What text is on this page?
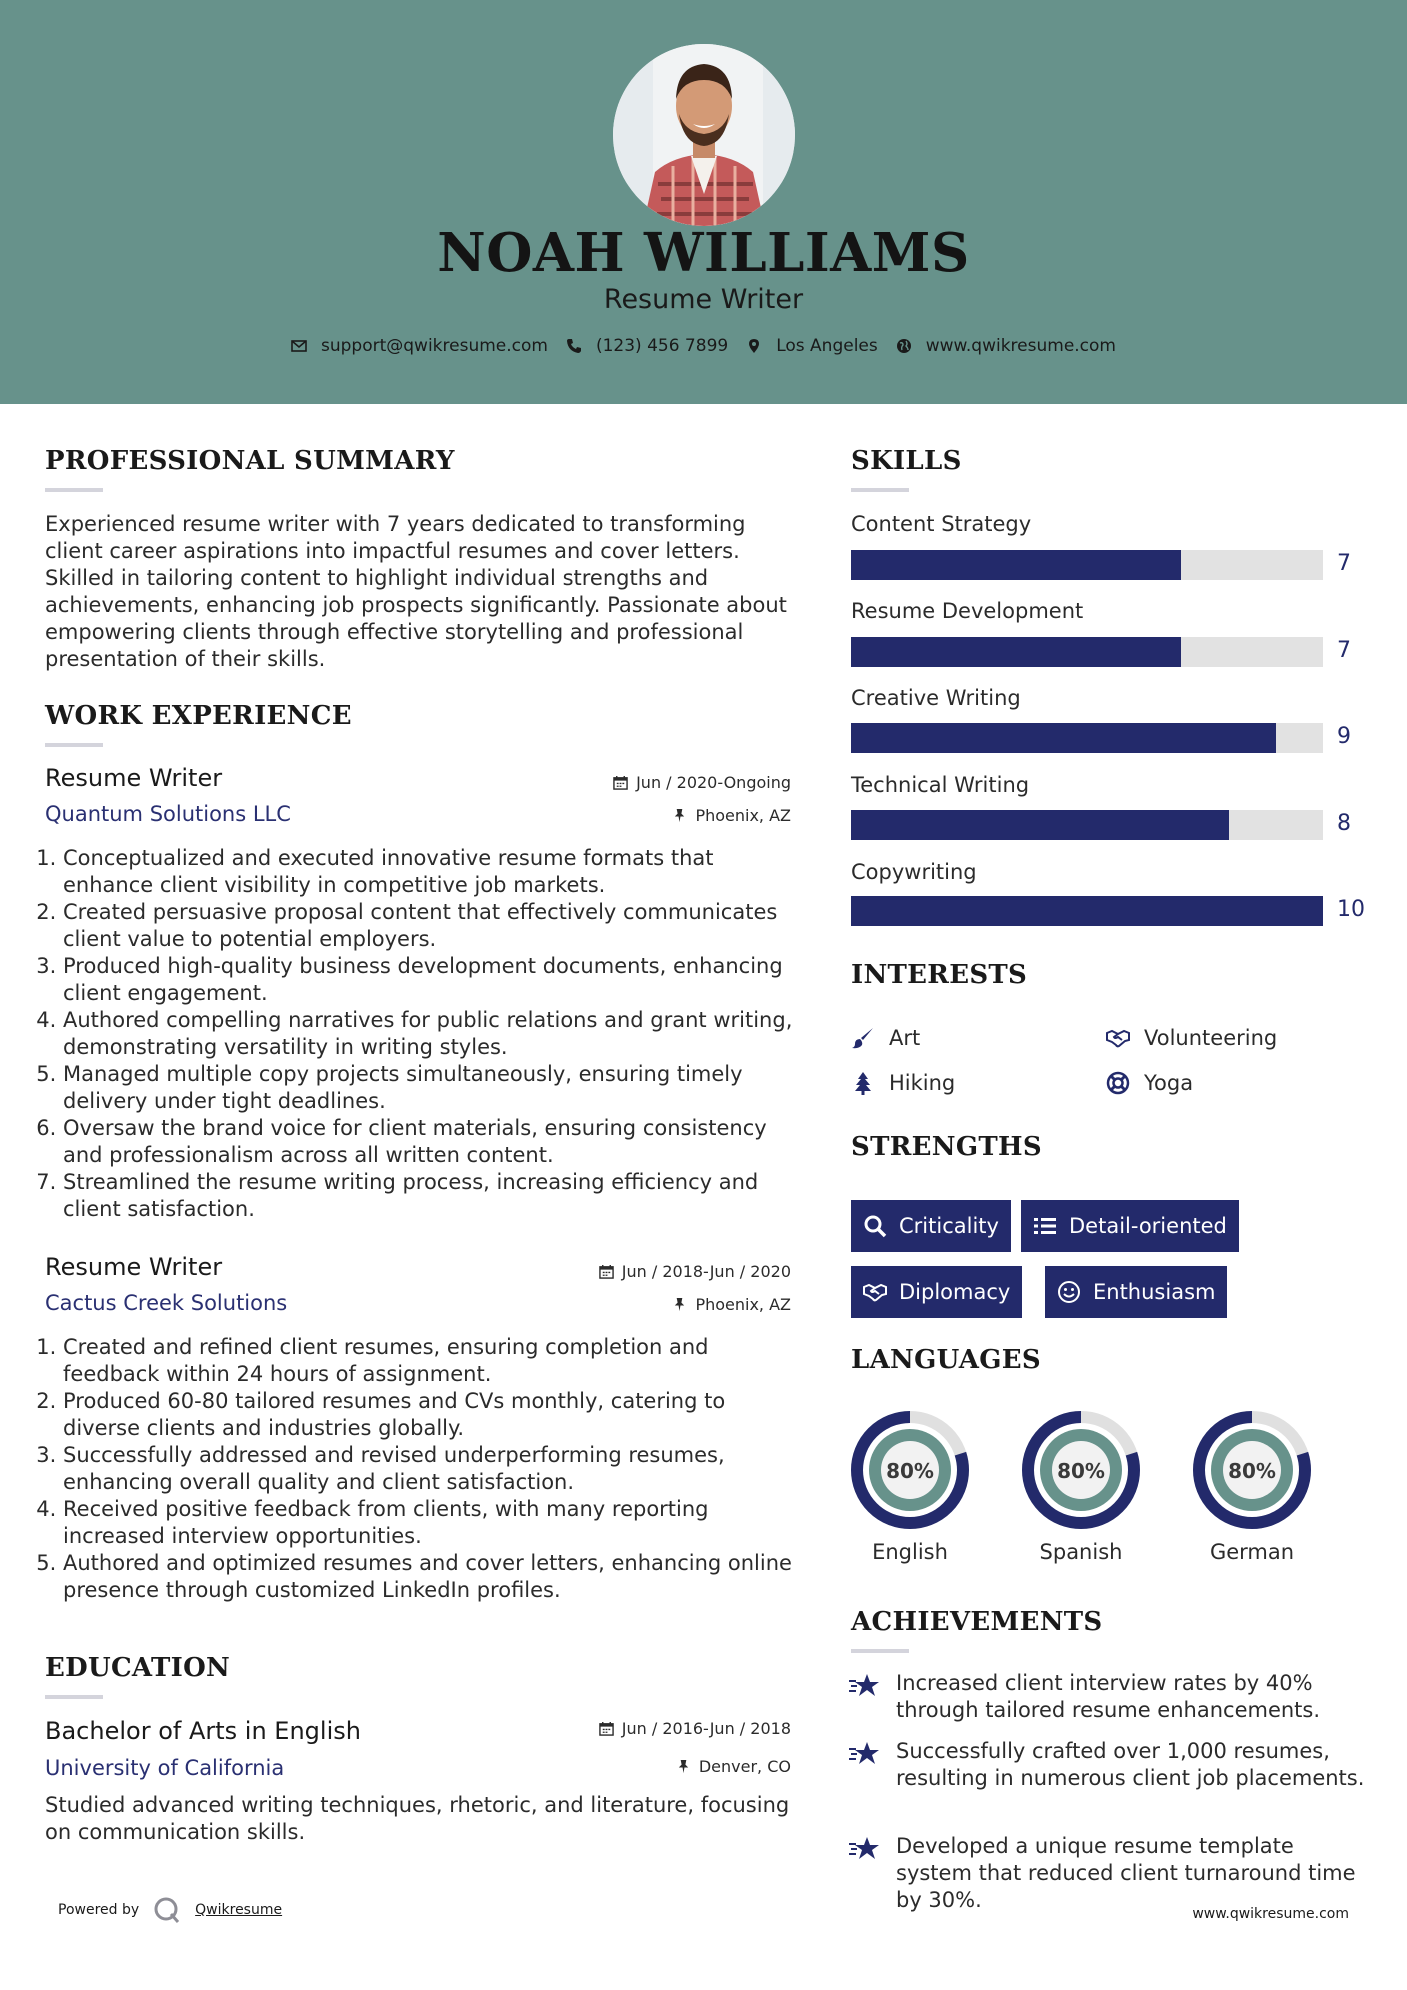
NOAH WILLIAMS
Resume Writer
support@qwikresume.com	(123) 456 7899	Los Angeles	www.qwikresume.com
PROFESSIONAL SUMMARY
Experienced resume writer with 7 years dedicated to transforming client career aspirations into impactful resumes and cover letters. Skilled in tailoring content to highlight individual strengths and achievements, enhancing job prospects significantly. Passionate about empowering clients through effective storytelling and professional presentation of their skills.
WORK EXPERIENCE
Resume Writer	Jun / 2020-Ongoing
Quantum Solutions LLC	Phoenix, AZ
1. Conceptualized and executed innovative resume formats that enhance client visibility in competitive job markets.
2. Created persuasive proposal content that effectively communicates client value to potential employers.
3. Produced high-quality business development documents, enhancing client engagement.
4. Authored compelling narratives for public relations and grant writing, demonstrating versatility in writing styles.
5. Managed multiple copy projects simultaneously, ensuring timely delivery under tight deadlines.
6. Oversaw the brand voice for client materials, ensuring consistency and professionalism across all written content.
7. Streamlined the resume writing process, increasing efficiency and client satisfaction.
Resume Writer	Jun / 2018-Jun / 2020
Cactus Creek Solutions	Phoenix, AZ
1. Created and refined client resumes, ensuring completion and feedback within 24 hours of assignment.
2. Produced 60-80 tailored resumes and CVs monthly, catering to diverse clients and industries globally.
3. Successfully addressed and revised underperforming resumes, enhancing overall quality and client satisfaction.
4. Received positive feedback from clients, with many reporting increased interview opportunities.
5. Authored and optimized resumes and cover letters, enhancing online presence through customized LinkedIn profiles.
EDUCATION
Bachelor of Arts in English	Jun / 2016-Jun / 2018
University of California	Denver, CO
Studied advanced writing techniques, rhetoric, and literature, focusing on communication skills.
SKILLS
Content Strategy
7
Resume Development
7
Creative Writing
9
Technical Writing
8
Copywriting
10
INTERESTS
Art	Volunteering
Hiking	Yoga
STRENGTHS
Criticality	Detail-oriented
Diplomacy	Enthusiasm
LANGUAGES
80%
English
80%
Spanish
80%
German
ACHIEVEMENTS
Increased client interview rates by 40% through tailored resume enhancements.
Successfully crafted over 1,000 resumes, resulting in numerous client job placements.
Developed a unique resume template system that reduced client turnaround time by 30%.
Powered by	Qwikresume	www.qwikresume.com
